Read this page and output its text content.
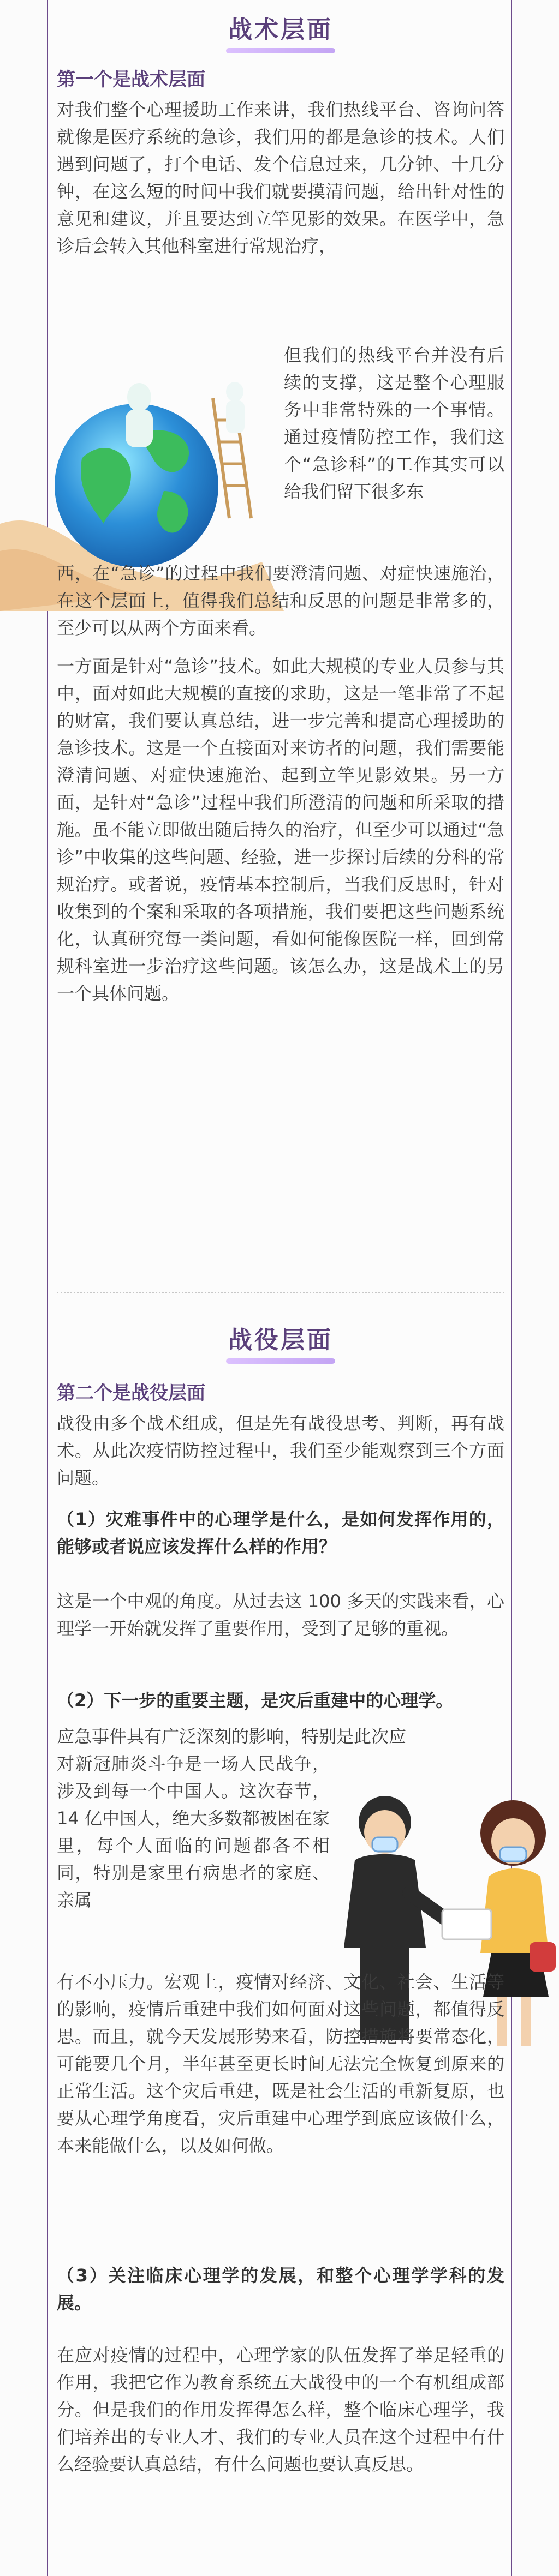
战术层面
第一个是战术层面
对我们整个心理援助工作来讲，我们热线平台、咨询问答就像是医疗系统的急诊，我们用的都是急诊的技术。人们遇到问题了，打个电话、发个信息过来，几分钟、十几分钟，在这么短的时间中我们就要摸清问题，给出针对性的意见和建议，并且要达到立竿见影的效果。在医学中，急诊后会转入其他科室进行常规治疗，
但我们的热线平台并没有后续的支撑，这是整个心理服务中非常特殊的一个事情。通过疫情防控工作，我们这个“急诊科”的工作其实可以给我们留下很多东
西，在“急诊”的过程中我们要澄清问题、对症快速施治，在这个层面上，值得我们总结和反思的问题是非常多的，至少可以从两个方面来看。
一方面是针对“急诊”技术。如此大规模的专业人员参与其中，面对如此大规模的直接的求助，这是一笔非常了不起的财富，我们要认真总结，进一步完善和提高心理援助的急诊技术。这是一个直接面对来访者的问题，我们需要能澄清问题、对症快速施治、起到立竿见影效果。另一方面，是针对“急诊”过程中我们所澄清的问题和所采取的措施。虽不能立即做出随后持久的治疗，但至少可以通过“急诊”中收集的这些问题、经验，进一步探讨后续的分科的常规治疗。或者说，疫情基本控制后，当我们反思时，针对收集到的个案和采取的各项措施，我们要把这些问题系统化，认真研究每一类问题，看如何能像医院一样，回到常规科室进一步治疗这些问题。该怎么办，这是战术上的另一个具体问题。
战役层面
第二个是战役层面
战役由多个战术组成，但是先有战役思考、判断，再有战术。从此次疫情防控过程中，我们至少能观察到三个方面问题。
（1）灾难事件中的心理学是什么，是如何发挥作用的，能够或者说应该发挥什么样的作用？
这是一个中观的角度。从过去这 100 多天的实践来看，心理学一开始就发挥了重要作用，受到了足够的重视。
（2）下一步的重要主题，是灾后重建中的心理学。
应急事件具有广泛深刻的影响，特别是此次应
对新冠肺炎斗争是一场人民战争，涉及到每一个中国人。这次春节，14 亿中国人，绝大多数都被困在家里，每个人面临的问题都各不相同，特别是家里有病患者的家庭、亲属
有不小压力。宏观上，疫情对经济、文化、社会、生活等的影响，疫情后重建中我们如何面对这些问题，都值得反思。而且，就今天发展形势来看，防控措施将要常态化，可能要几个月，半年甚至更长时间无法完全恢复到原来的正常生活。这个灾后重建，既是社会生活的重新复原，也要从心理学角度看，灾后重建中心理学到底应该做什么，本来能做什么，以及如何做。
（3）关注临床心理学的发展，和整个心理学学科的发展。
在应对疫情的过程中，心理学家的队伍发挥了举足轻重的作用，我把它作为教育系统五大战役中的一个有机组成部分。但是我们的作用发挥得怎么样，整个临床心理学，我们培养出的专业人才、我们的专业人员在这个过程中有什么经验要认真总结，有什么问题也要认真反思。
